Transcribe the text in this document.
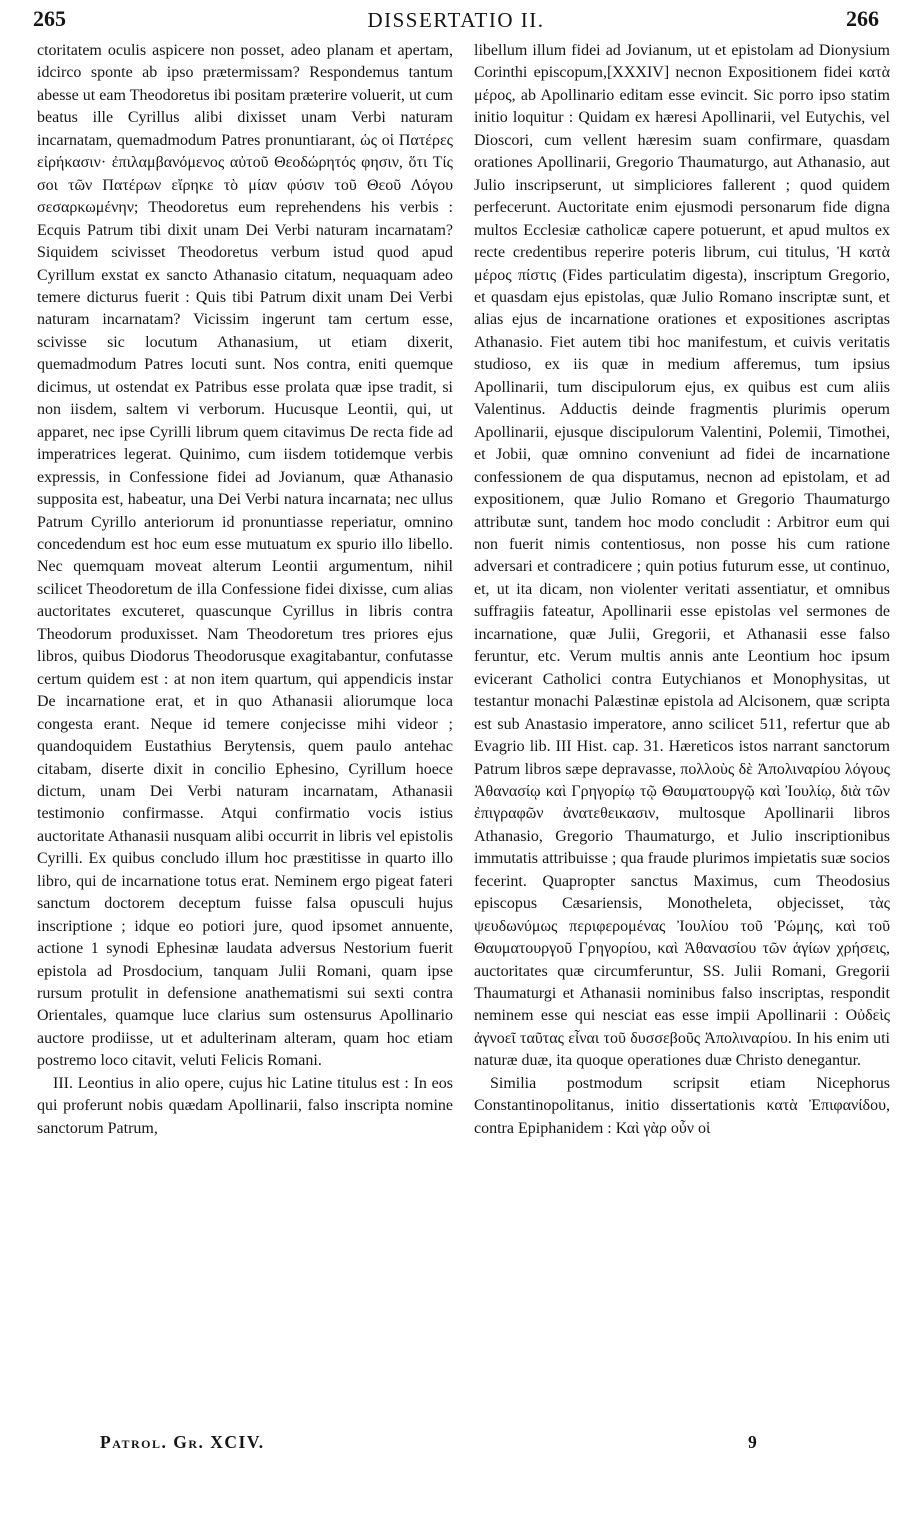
265	DISSERTATIO II.	266

ctoritatem oculis aspicere non posset, adeo planam et apertam, idcirco sponte ab ipso prætermissam? Respondemus tantum abesse ut eam Theodoretus ibi positam præterire voluerit, ut cum beatus ille Cyrillus alibi dixisset unam Verbi naturam incarnatam, quemadmodum Patres pronuntiarant, ὡς οἱ Πατέρες εἰρήκασιν· ἐπιλαμβανόμενος αὐτοῦ Θεοδώρητός φησιν, ὅτι Τίς σοι τῶν Πατέρων εἴρηκε τὸ μίαν φύσιν τοῦ Θεοῦ Λόγου σεσαρκωμένην; Theodoretus eum reprehendens his verbis : Ecquis Patrum tibi dixit unam Dei Verbi naturam incarnatam? Siquidem scivisset Theodoretus verbum istud quod apud Cyrillum exstat ex sancto Athanasio citatum, nequaquam adeo temere dicturus fuerit : Quis tibi Patrum dixit unam Dei Verbi naturam incarnatam? Vicissim ingerunt tam certum esse, scivisse sic locutum Athanasium, ut etiam dixerit, quemadmodum Patres locuti sunt. Nos contra, eniti quemque dicimus, ut ostendat ex Patribus esse prolata quæ ipse tradit, si non iisdem, saltem vi verborum. Hucusque Leontii, qui, ut apparet, nec ipse Cyrilli librum quem citavimus De recta fide ad imperatrices legerat. Quinimo, cum iisdem totidemque verbis expressis, in Confessione fidei ad Jovianum, quæ Athanasio supposita est, habeatur, una Dei Verbi natura incarnata; nec ullus Patrum Cyrillo anteriorum id pronuntiasse reperiatur, omnino concedendum est hoc eum esse mutuatum ex spurio illo libello. Nec quemquam moveat alterum Leontii argumentum, nihil scilicet Theodoretum de illa Confessione fidei dixisse, cum alias auctoritates excuteret, quascunque Cyrillus in libris contra Theodorum produxisset. Nam Theodoretum tres priores ejus libros, quibus Diodorus Theodorusque exagitabantur, confutasse certum quidem est : at non item quartum, qui appendicis instar De incarnatione erat, et in quo Athanasii aliorumque loca congesta erant. Neque id temere conjecisse mihi videor ; quandoquidem Eustathius Berytensis, quem paulo antehac citabam, diserte dixit in concilio Ephesino, Cyrillum hoece dictum, unam Dei Verbi naturam incarnatam, Athanasii testimonio confirmasse. Atqui confirmatio vocis istius auctoritate Athanasii nusquam alibi occurrit in libris vel epistolis Cyrilli. Ex quibus concludo illum hoc præstitisse in quarto illo libro, qui de incarnatione totus erat. Neminem ergo pigeat fateri sanctum doctorem deceptum fuisse falsa opusculi hujus inscriptione ; idque eo potiori jure, quod ipsomet annuente, actione 1 synodi Ephesinæ laudata adversus Nestorium fuerit epistola ad Prosdocium, tanquam Julii Romani, quam ipse rursum protulit in defensione anathematismi sui sexti contra Orientales, quamque luce clarius sum ostensurus Apollinario auctore prodiisse, ut et adulterinam alteram, quam hoc etiam postremo loco citavit, veluti Felicis Romani.

III. Leontius in alio opere, cujus hic Latine titulus est : In eos qui proferunt nobis quædam Apollinarii, falso inscripta nomine sanctorum Patrum,

libellum illum fidei ad Jovianum, ut et epistolam ad Dionysium Corinthi episcopum,[XXXIV] necnon Expositionem fidei κατὰ μέρος, ab Apollinario editam esse evincit. Sic porro ipso statim initio loquitur : Quidam ex hæresi Apollinarii, vel Eutychis, vel Dioscori, cum vellent hæresim suam confirmare, quasdam orationes Apollinarii, Gregorio Thaumaturgo, aut Athanasio, aut Julio inscripserunt, ut simpliciores fallerent ; quod quidem perfecerunt. Auctoritate enim ejusmodi personarum fide digna multos Ecclesiæ catholicæ capere potuerunt, et apud multos ex recte credentibus reperire poteris librum, cui titulus, Ἡ κατὰ μέρος πίστις (Fides particulatim digesta), inscriptum Gregorio, et quasdam ejus epistolas, quæ Julio Romano inscriptæ sunt, et alias ejus de incarnatione orationes et expositiones ascriptas Athanasio. Fiet autem tibi hoc manifestum, et cuivis veritatis studioso, ex iis quæ in medium afferemus, tum ipsius Apollinarii, tum discipulorum ejus, ex quibus est cum aliis Valentinus. Adductis deinde fragmentis plurimis operum Apollinarii, ejusque discipulorum Valentini, Polemii, Timothei, et Jobii, quæ omnino conveniunt ad fidei de incarnatione confessionem de qua disputamus, necnon ad epistolam, et ad expositionem, quæ Julio Romano et Gregorio Thaumaturgo attributæ sunt, tandem hoc modo concludit : Arbitror eum qui non fuerit nimis contentiosus, non posse his cum ratione adversari et contradicere ; quin potius futurum esse, ut continuo, et, ut ita dicam, non violenter veritati assentiatur, et omnibus suffragiis fateatur, Apollinarii esse epistolas vel sermones de incarnatione, quæ Julii, Gregorii, et Athanasii esse falso feruntur, etc. Verum multis annis ante Leontium hoc ipsum evicerant Catholici contra Eutychianos et Monophysitas, ut testantur monachi Palæstinæ epistola ad Alcisonem, quæ scripta est sub Anastasio imperatore, anno scilicet 511, refertur que ab Evagrio lib. III Hist. cap. 31. Hæreticos istos narrant sanctorum Patrum libros sæpe depravasse, πολλοὺς δὲ Ἀπολιναρίου λόγους Ἀθανασίῳ καὶ Γρηγορίῳ τῷ Θαυματουργῷ καὶ Ἰουλίῳ, διὰ τῶν ἐπιγραφῶν ἀνατεθεικασιν, multosque Apollinarii libros Athanasio, Gregorio Thaumaturgo, et Julio inscriptionibus immutatis attribuisse ; qua fraude plurimos impietatis suæ socios fecerint. Quapropter sanctus Maximus, cum Theodosius episcopus Cæsariensis, Monotheleta, objecisset, τὰς ψευδωνύμως περιφερομένας Ἰουλίου τοῦ Ῥώμης, καὶ τοῦ Θαυματουργοῦ Γρηγορίου, καὶ Ἀθανασίου τῶν ἁγίων χρήσεις, auctoritates quæ circumferuntur, SS. Julii Romani, Gregorii Thaumaturgi et Athanasii nominibus falso inscriptas, respondit neminem esse qui nesciat eas esse impii Apollinarii : Οὐδεὶς ἀγνοεῖ ταῦτας εἶναι τοῦ δυσσεβοῦς Ἀπολιναρίου. In his enim uti naturæ duæ, ita quoque operationes duæ Christo denegantur.

Similia postmodum scripsit etiam Nicephorus Constantinopolitanus, initio dissertationis κατὰ Ἐπιφανίδου, contra Epiphanidem : Καὶ γὰρ οὖν οἱ

Patrol. Gr. XCIV.	9
